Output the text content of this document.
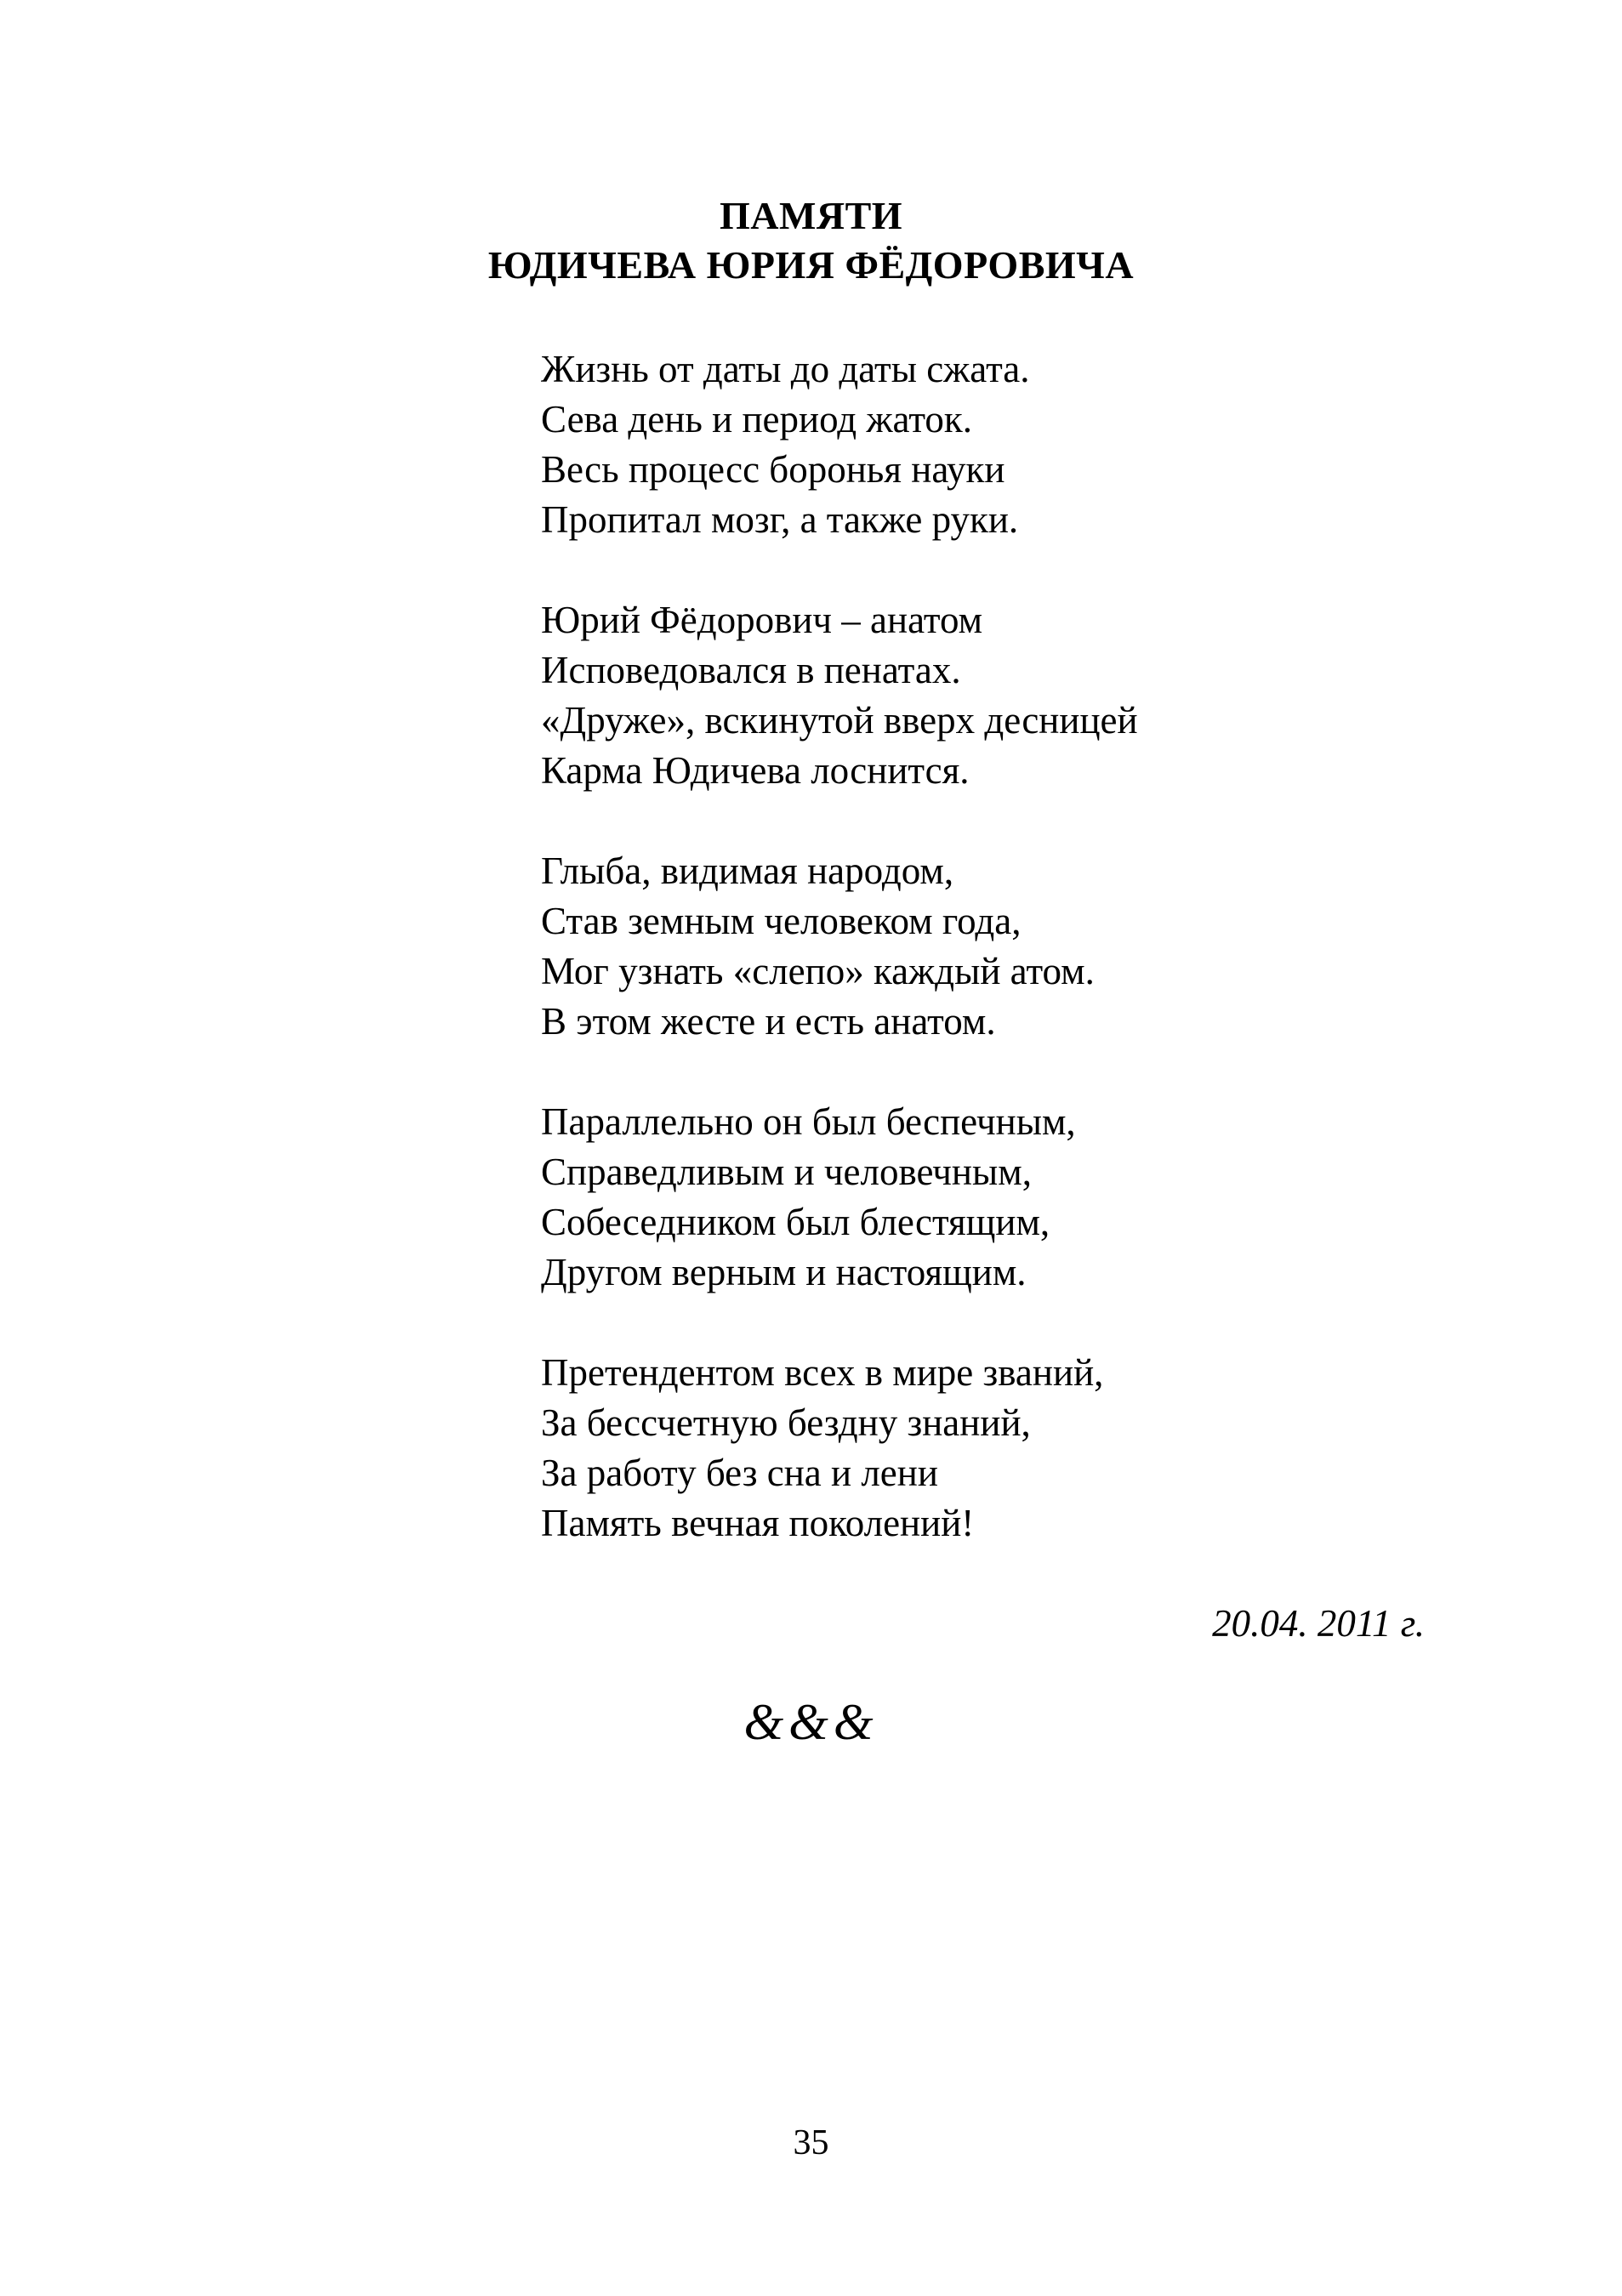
ПАМЯТИ
ЮДИЧЕВА ЮРИЯ ФЁДОРОВИЧА
Жизнь от даты до даты сжата.
Сева день и период жаток.
Весь процесс боронья науки
Пропитал мозг, а также руки.
Юрий Фёдорович – анатом
Исповедовался в пенатах.
«Друже», вскинутой вверх десницей
Карма Юдичева лоснится.
Глыба, видимая народом,
Став земным человеком года,
Мог узнать «слепо» каждый атом.
В этом жесте и есть анатом.
Параллельно он был беспечным,
Справедливым и человечным,
Собеседником был блестящим,
Другом верным и настоящим.
Претендентом всех в мире званий,
За бессчетную бездну знаний,
За работу без сна и лени
Память вечная поколений!
20.04. 2011 г.
&&&
35
